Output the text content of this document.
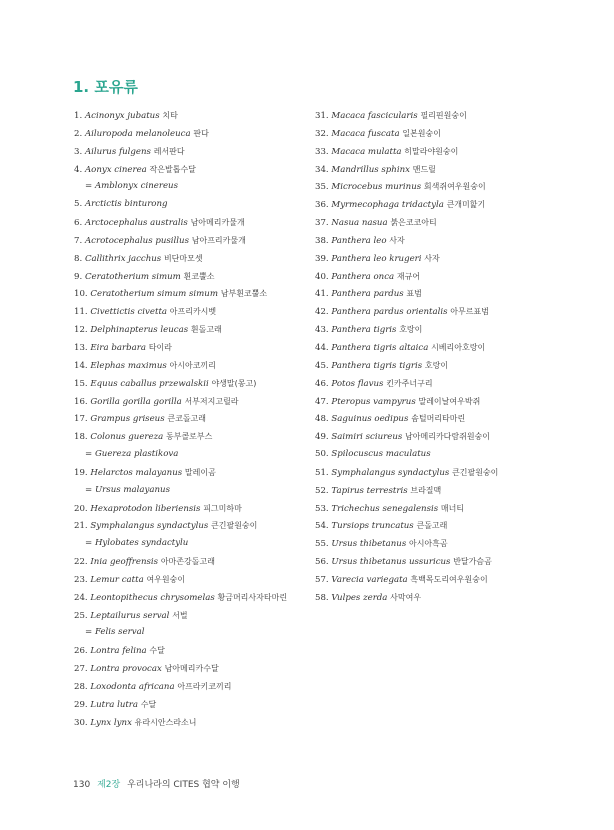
1. 포유류
1. Acinonyx jubatus 치타
2. Ailuropoda melanoleuca 판다
3. Ailurus fulgens 레서판다
4. Aonyx cinerea 작은발톱수달
= Amblonyx cinereus
5. Arctictis binturong
6. Arctocephalus australis 남아메리카물개
7. Acrotocephalus pusillus 남아프리카물개
8. Callithrix jacchus 비단마모셋
9. Ceratotherium simum 흰코뿔소
10. Ceratotherium simum simum 남부흰코뿔소
11. Civettictis civetta 아프리카시벳
12. Delphinapterus leucas 흰돌고래
13. Eira barbara 타이라
14. Elephas maximus 아시아코끼리
15. Equus caballus przewalskii 야생말(몽고)
16. Gorilla gorilla gorilla 서부저지고릴라
17. Grampus griseus 큰코돌고래
18. Colonus guereza 동부콜로부스
= Guereza plastikova
19. Helarctos malayanus 말레이곰
= Ursus malayanus
20. Hexaprotodon liberiensis 피그미하마
21. Symphalangus syndactylus 큰긴팔원숭이
= Hylobates syndactylu
22. Inia geoffrensis 아마존강돌고래
23. Lemur catta 여우원숭이
24. Leontopithecus chrysomelas 황금머리사자타마린
25. Leptailurus serval 서벌
= Felis serval
26. Lontra felina 수달
27. Lontra provocax 남아메리카수달
28. Loxodonta africana 아프라키코끼리
29. Lutra lutra 수달
30. Lynx lynx 유라시안스라소니
31. Macaca fascicularis 필리핀원숭이
32. Macaca fuscata 일본원숭이
33. Macaca mulatta 히말라야원숭이
34. Mandrillus sphinx 맨드릴
35. Microcebus murinus 회색쥐여우원숭이
36. Myrmecophaga tridactyla 큰개미핥기
37. Nasua nasua 붉은코코아티
38. Panthera leo 사자
39. Panthera leo krugeri 사자
40. Panthera onca 재규어
41. Panthera pardus 표범
42. Panthera pardus orientalis 아무르표범
43. Panthera tigris 호랑이
44. Panthera tigris altaica 시베리아호랑이
45. Panthera tigris tigris 호랑이
46. Potos flavus 킨카주너구리
47. Pteropus vampyrus 말레이날여우박쥐
48. Saguinus oedipus 솜털머리타마린
49. Saimiri sciureus 남아메리카다람쥐원숭이
50. Spilocuscus maculatus
51. Symphalangus syndactylus 큰긴팔원숭이
52. Tapirus terrestris 브라질맥
53. Trichechus senegalensis 매너티
54. Tursiops truncatus 큰돌고래
55. Ursus thibetanus 아시아흑곰
56. Ursus thibetanus ussuricus 반달가슴곰
57. Varecia variegata 흑백목도리여우원숭이
58. Vulpes zerda 사막여우
130 제2장 우리나라의 CITES 협약 이행
